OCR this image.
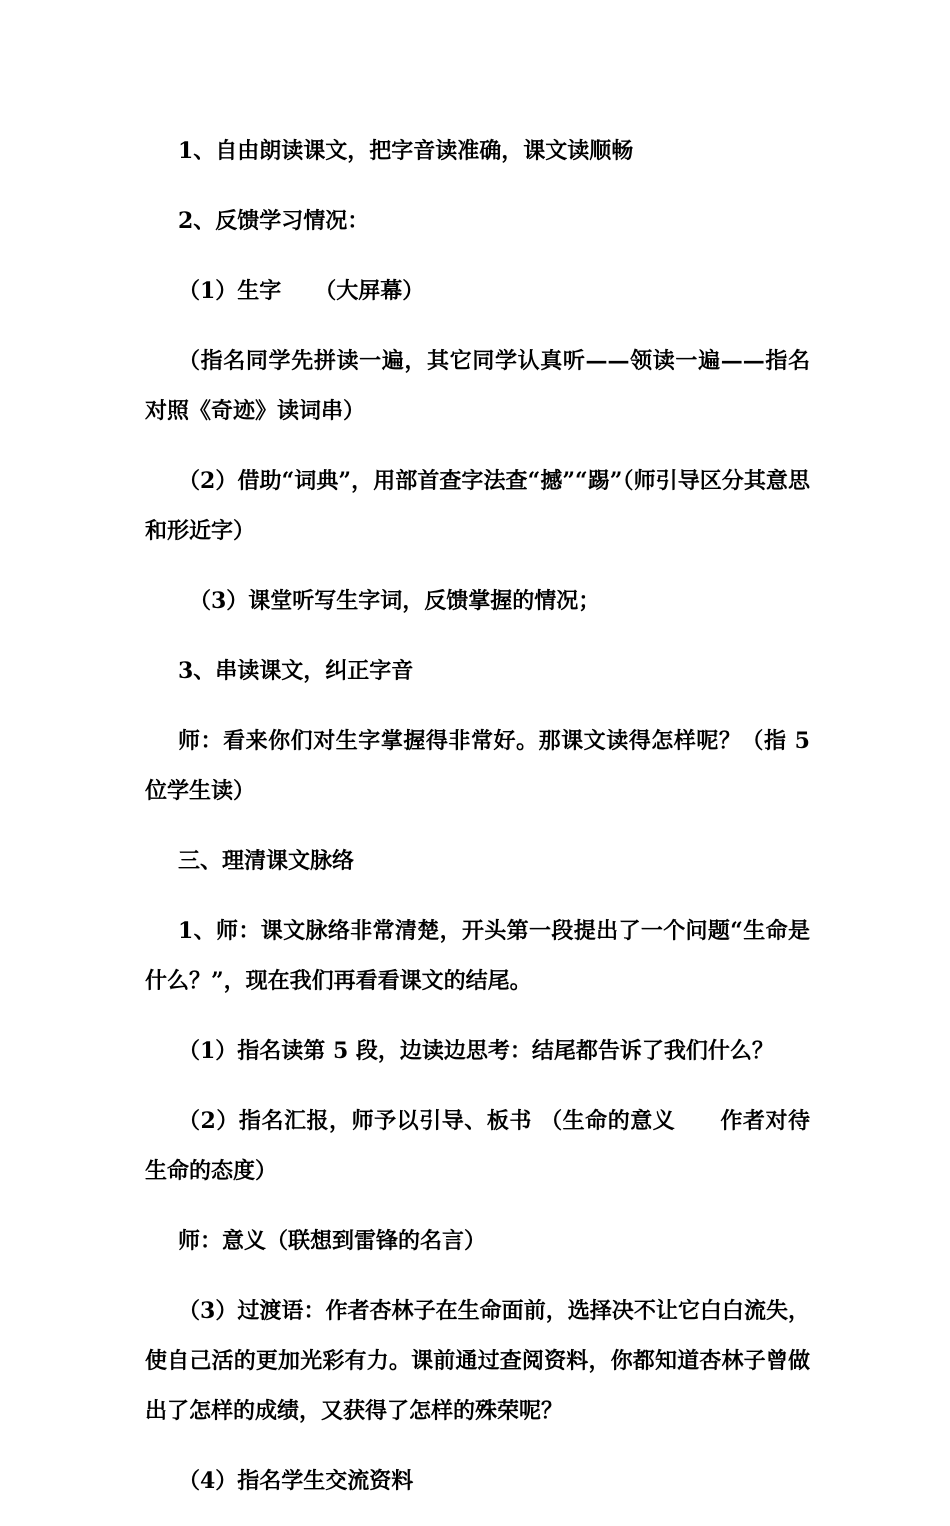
1、自由朗读课文，把字音读准确，课文读顺畅

2、反馈学习情况：

（1）生字　　（大屏幕）

（指名同学先拼读一遍，其它同学认真听——领读一遍——指名对照《奇迹》读词串）

（2）借助“词典”，用部首查字法查“撼”“踢”（师引导区分其意思和形近字）

（3）课堂听写生字词，反馈掌握的情况；

3、串读课文，纠正字音

师：看来你们对生字掌握得非常好。那课文读得怎样呢？（指 5 位学生读）

三、理清课文脉络

1、师：课文脉络非常清楚，开头第一段提出了一个问题“生命是什么？”，现在我们再看看课文的结尾。

（1）指名读第 5 段，边读边思考：结尾都告诉了我们什么？

（2）指名汇报，师予以引导、板书 （生命的意义　　作者对待生命的态度）

师：意义（联想到雷锋的名言）

（3）过渡语：作者杏林子在生命面前，选择决不让它白白流失，使自己活的更加光彩有力。课前通过查阅资料，你都知道杏林子曾做出了怎样的成绩，又获得了怎样的殊荣呢？

（4）指名学生交流资料
